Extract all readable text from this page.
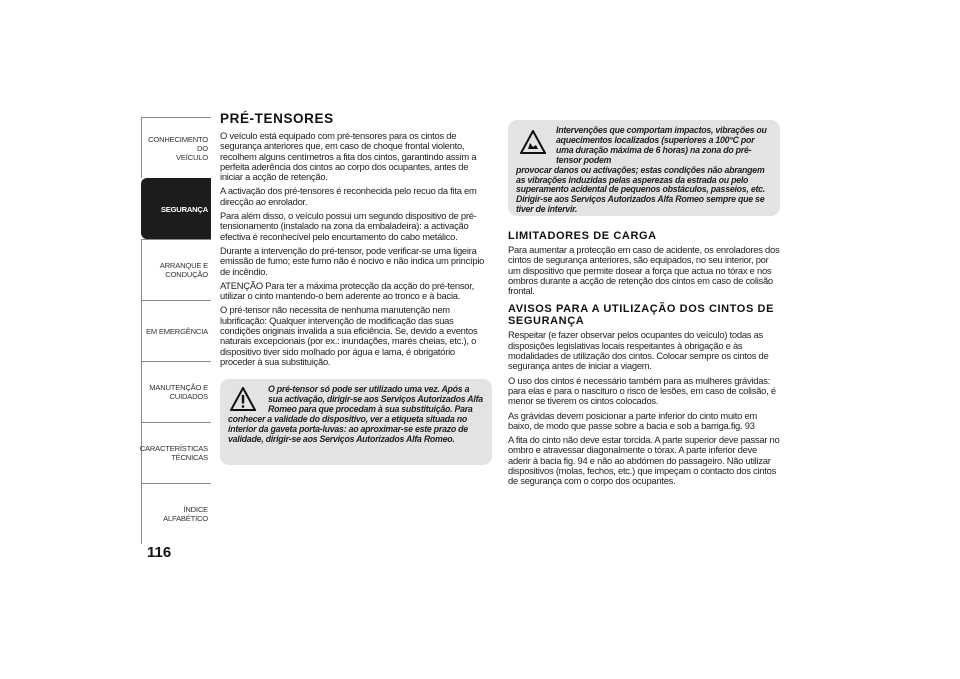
CONHECIMENTO DO
VEÍCULO
SEGURANÇA
ARRANQUE E
CONDUÇÃO
EM EMERGÊNCIA
MANUTENÇÃO E
CUIDADOS
CARACTERÍSTICAS
TÉCNICAS
ÍNDICE ALFABÉTICO
116
PRÉ-TENSORES

O veículo está equipado com pré-tensores para os cintos de segurança anteriores que, em caso de choque frontal violento, recolhem alguns centímetros a fita dos cintos, garantindo assim a perfeita aderência dos cintos ao corpo dos ocupantes, antes de iniciar a acção de retenção.

A activação dos pré-tensores é reconhecida pelo recuo da fita em direcção ao enrolador.

Para além disso, o veículo possui um segundo dispositivo de pré-tensionamento (instalado na zona da embaladeira): a activação efectiva é reconhecível pelo encurtamento do cabo metálico.

Durante a intervenção do pré-tensor, pode verificar-se uma ligeira emissão de fumo; este fumo não é nocivo e não indica um princípio de incêndio.

ATENÇÃO Para ter a máxima protecção da acção do pré-tensor, utilizar o cinto mantendo-o bem aderente ao tronco e à bacia.

O pré-tensor não necessita de nenhuma manutenção nem lubrificação: Qualquer intervenção de modificação das suas condições originais invalida a sua eficiência. Se, devido a eventos naturais excepcionais (por ex.: inundações, marés cheias, etc.), o dispositivo tiver sido molhado por água e lama, é obrigatório proceder à sua substituição.

O pré-tensor só pode ser utilizado uma vez. Após a sua activação, dirigir-se aos Serviços Autorizados Alfa Romeo para que procedam à sua substituição. Para

conhecer a validade do dispositivo, ver a etiqueta situada no interior da gaveta porta-luvas: ao aproximar-se este prazo de validade, dirigir-se aos Serviços Autorizados Alfa Romeo.

Intervenções que comportam impactos, vibrações ou aquecimentos localizados (superiores a 100°C por uma duração máxima de 6 horas) na zona do pré-tensor podem

provocar danos ou activações; estas condições não abrangem as vibrações induzidas pelas asperezas da estrada ou pelo superamento acidental de pequenos obstáculos, passeios, etc. Dirigir-se aos Serviços Autorizados Alfa Romeo sempre que se tiver de intervir.

LIMITADORES DE CARGA

Para aumentar a protecção em caso de acidente, os enroladores dos cintos de segurança anteriores, são equipados, no seu interior, por um dispositivo que permite dosear a força que actua no tórax e nos ombros durante a acção de retenção dos cintos em caso de colisão frontal.

AVISOS PARA A UTILIZAÇÃO DOS CINTOS DE SEGURANÇA

Respeitar (e fazer observar pelos ocupantes do veículo) todas as disposições legislativas locais respeitantes à obrigação e às modalidades de utilização dos cintos. Colocar sempre os cintos de segurança antes de iniciar a viagem.

O uso dos cintos é necessário também para as mulheres grávidas: para elas e para o nascituro o risco de lesões, em caso de colisão, é menor se tiverem os cintos colocados.

As grávidas devem posicionar a parte inferior do cinto muito em baixo, de modo que passe sobre a bacia e sob a barriga.fig. 93

A fita do cinto não deve estar torcida. A parte superior deve passar no ombro e atravessar diagonalmente o tórax. A parte inferior deve aderir à bacia fig. 94 e não ao abdómen do passageiro. Não utilizar dispositivos (molas, fechos, etc.) que impeçam o contacto dos cintos de segurança com o corpo dos ocupantes.
